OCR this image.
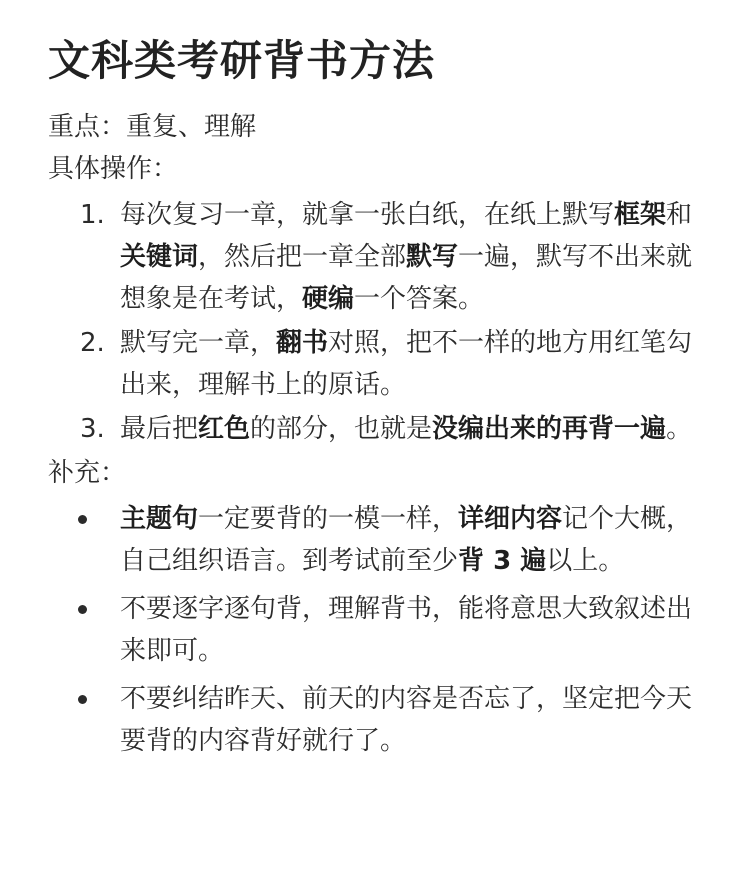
文科类考研背书方法
重点：重复、理解
具体操作：
1. 每次复习一章，就拿一张白纸，在纸上默写框架和关键词，然后把一章全部默写一遍，默写不出来就想象是在考试，硬编一个答案。
2. 默写完一章，翻书对照，把不一样的地方用红笔勾出来，理解书上的原话。
3. 最后把红色的部分，也就是没编出来的再背一遍。
补充：
主题句一定要背的一模一样，详细内容记个大概，自己组织语言。到考试前至少背 3 遍以上。
不要逐字逐句背，理解背书，能将意思大致叙述出来即可。
不要纠结昨天、前天的内容是否忘了，坚定把今天要背的内容背好就行了。
